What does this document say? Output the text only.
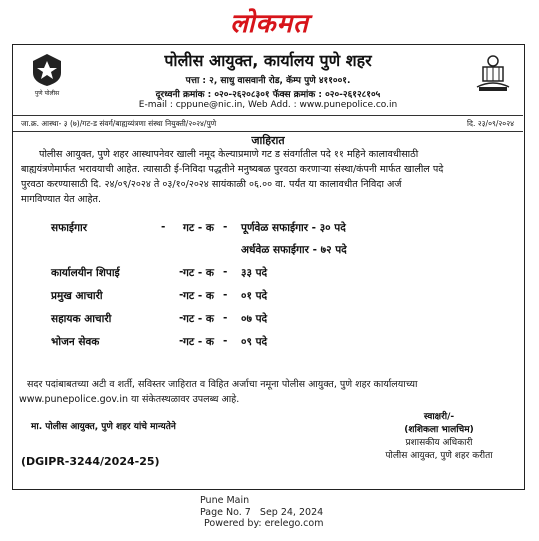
लोकमत
पुणे पोलीस
पोलीस आयुक्त, कार्यालय पुणे शहर
पत्ता : २, साधु वासवानी रोड, कॅम्प पुणे ४११००१.
दूरध्वनी क्रमांक : ०२०-२६२०८३०१ फॅक्स क्रमांक : ०२०-२६१२८१०५
E-mail : cppune@nic.in, Web Add. : www.punepolice.co.in
जा.क्र. आस्था- ३ (७)/गट-ड संवर्ग/बाह्यय्यंत्रणा संस्था नियुक्ती/२०२४/पुणे	दि. २३/०९/२०२४
जाहिरात
पोलीस आयुक्त, पुणे शहर आस्थापनेवर खाली नमूद केल्याप्रमाणे गट ड संवर्गातील पदे ११ महिने कालावधीसाठी
बाह्ययंत्रणेमार्फत भरावयाची आहेत. त्यासाठी ई-निविदा पद्धतीने मनुष्यबळ पुरवठा करणाऱ्या संस्था/कंपनी मार्फत खालील पदे
पुरवठा करण्यासाठी दि. २४/०९/२०२४ ते ०३/१०/२०२४ सायंकाळी ०६.०० वा. पर्यंत या कालावधीत निविदा अर्ज
मागविण्यात येत आहेत.
सफाईगार	- गट - क - पूर्णवेळ सफाईगार - ३० पदे
अर्धवेळ सफाईगार - ७२ पदे
कार्यालयीन शिपाई	- गट - क - ३३ पदे
प्रमुख आचारी	- गट - क - ०१ पदे
सहायक आचारी	- गट - क - ०७ पदे
भोजन सेवक	- गट - क - ०९ पदे
सदर पदांबाबतच्या अटी व शर्ती, सविस्तर जाहिरात व विहित अर्जाचा नमूना पोलीस आयुक्त, पुणे शहर कार्यालयाच्या
www.punepolice.gov.in या संकेतस्थळावर उपलब्ध आहे.
मा. पोलीस आयुक्त, पुणे शहर यांचे मान्यतेने
स्वाक्षरी/-
(शशिकला भालचिम)
प्रशासकीय अधिकारी
पोलीस आयुक्त, पुणे शहर करीता
(DGIPR-3244/2024-25)
Pune Main
Page No. 7 Sep 24, 2024
Powered by: erelego.com
